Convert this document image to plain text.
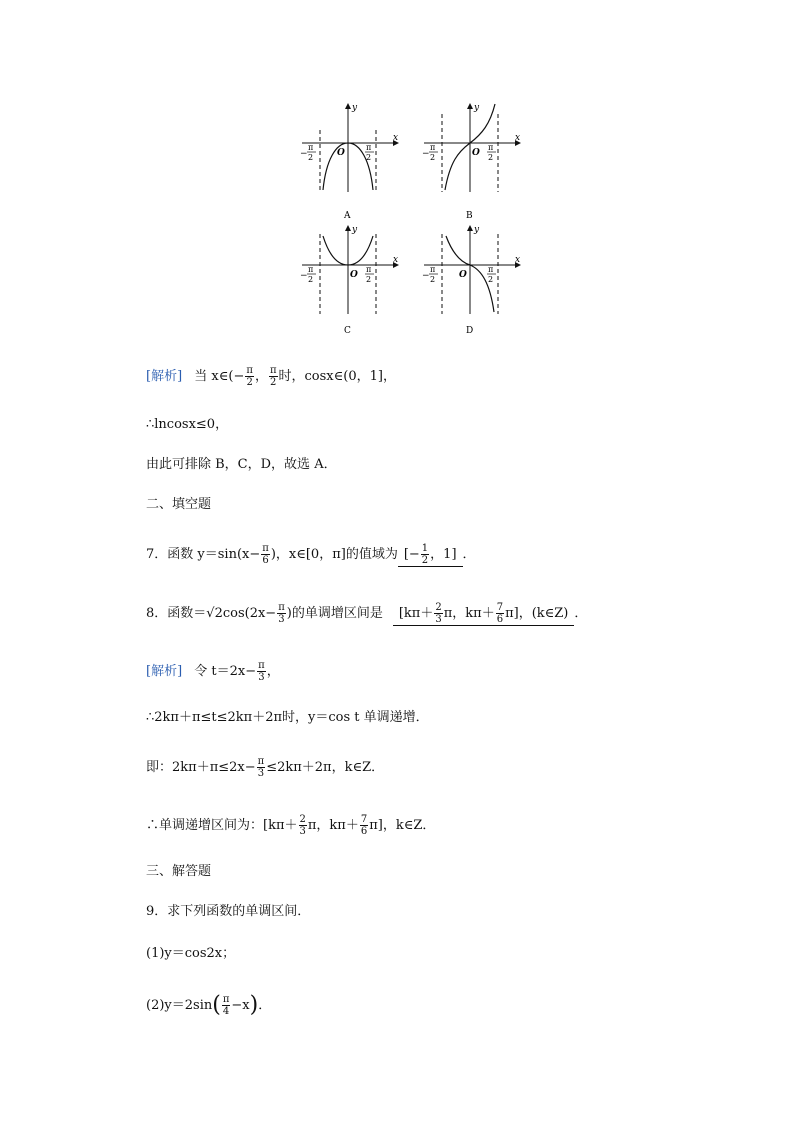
y
x
O
−
π
2
π
2
A
y
x
O
−
π
2
π
2
B
y
x
O
−
π
2
π
2
C
y
x
O
−
π
2
π
2
D
[解析] 当 x∈(− $\frac{\pi}{2}$ ， $\frac{\pi}{2}$ 时，cosx∈(0，1]，
∴lncosx≤0，
由此可排除 B，C，D，故选 A．
二、填空题
7．函数 $y=\sin(x- \frac{\pi}{6}$ )，x∈[0，π]的值域为 [− $\frac{1}{2}$ ，1] ．
8．函数$=√2\cos(2x- \frac{\pi}{3}$ )的单调增区间是 [$k\pi+ \frac{2}{3}$ π，$k\pi+ \frac{7}{6} \pi$]，(k∈Z) ．
[解析] 令 $t=2x- \frac{\pi}{3}$ ，
∴2kπ＋π≤t≤2kπ＋2π时，y＝cos t 单调递增．
即：$2k\pi+\pi\le 2x- \frac{\pi}{3} \le 2k\pi+2\pi$，k∈Z．
∴单调递增区间为：[$k\pi+ \frac{2}{3}$ π，$k\pi+ \frac{7}{6} \pi$]，k∈Z．
三、解答题
9．求下列函数的单调区间．
(1)y＝cos2x；
$(2)y=2\sin( \frac{\pi}{4} -x)$．
